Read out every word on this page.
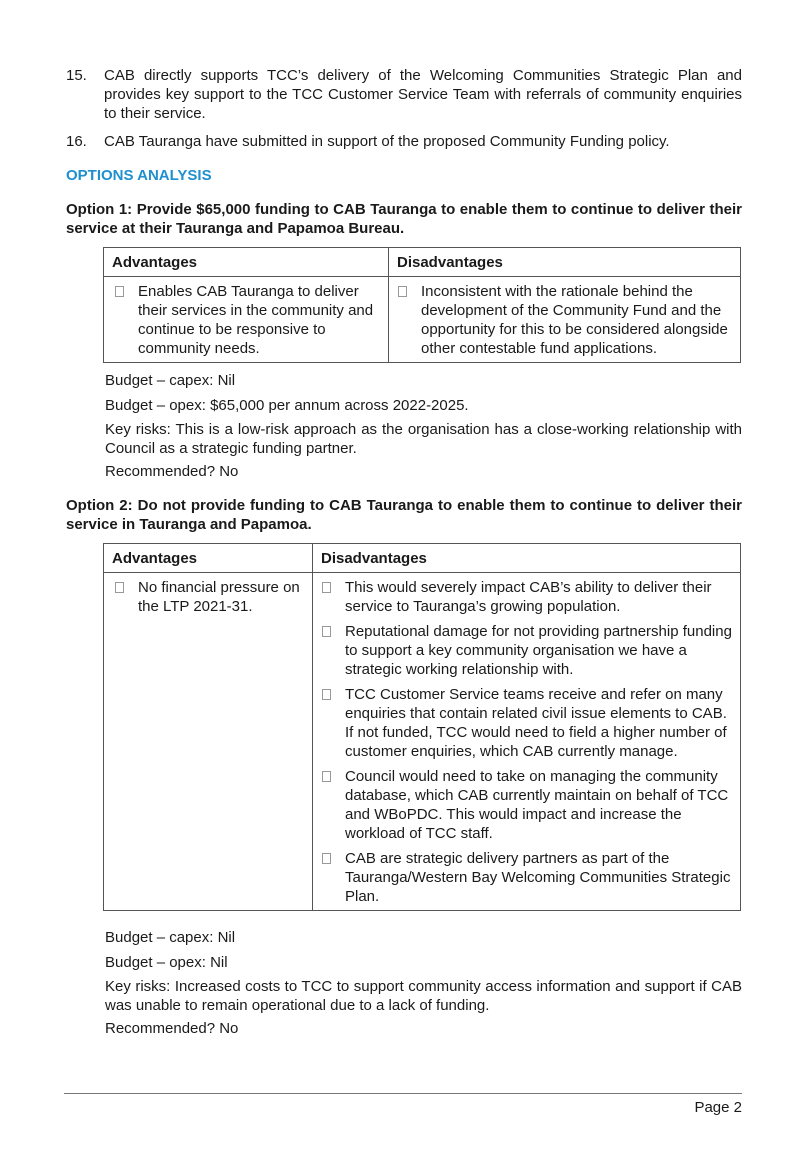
15.	CAB directly supports TCC’s delivery of the Welcoming Communities Strategic Plan and provides key support to the TCC Customer Service Team with referrals of community enquiries to their service.
16.	CAB Tauranga have submitted in support of the proposed Community Funding policy.
OPTIONS ANALYSIS
Option 1: Provide $65,000 funding to CAB Tauranga to enable them to continue to deliver their service at their Tauranga and Papamoa Bureau.
Advantages	Disadvantages

Enables CAB Tauranga to deliver their services in the community and continue to be responsive to community needs.	Inconsistent with the rationale behind the development of the Community Fund and the opportunity for this to be considered alongside other contestable fund applications.
Budget – capex: Nil
Budget – opex: $65,000 per annum across 2022-2025.
Key risks: This is a low-risk approach as the organisation has a close-working relationship with Council as a strategic funding partner.
Recommended? No
Option 2: Do not provide funding to CAB Tauranga to enable them to continue to deliver their service in Tauranga and Papamoa.
Advantages	Disadvantages

No financial pressure on the LTP 2021-31.	This would severely impact CAB’s ability to deliver their service to Tauranga’s growing population.
Reputational damage for not providing partnership funding to support a key community organisation we have a strategic working relationship with.
TCC Customer Service teams receive and refer on many enquiries that contain related civil issue elements to CAB. If not funded, TCC would need to field a higher number of customer enquiries, which CAB currently manage.
Council would need to take on managing the community database, which CAB currently maintain on behalf of TCC and WBoPDC. This would impact and increase the workload of TCC staff.
CAB are strategic delivery partners as part of the Tauranga/Western Bay Welcoming Communities Strategic Plan.
Budget – capex: Nil
Budget – opex: Nil
Key risks: Increased costs to TCC to support community access information and support if CAB was unable to remain operational due to a lack of funding.
Recommended? No
Page 2
